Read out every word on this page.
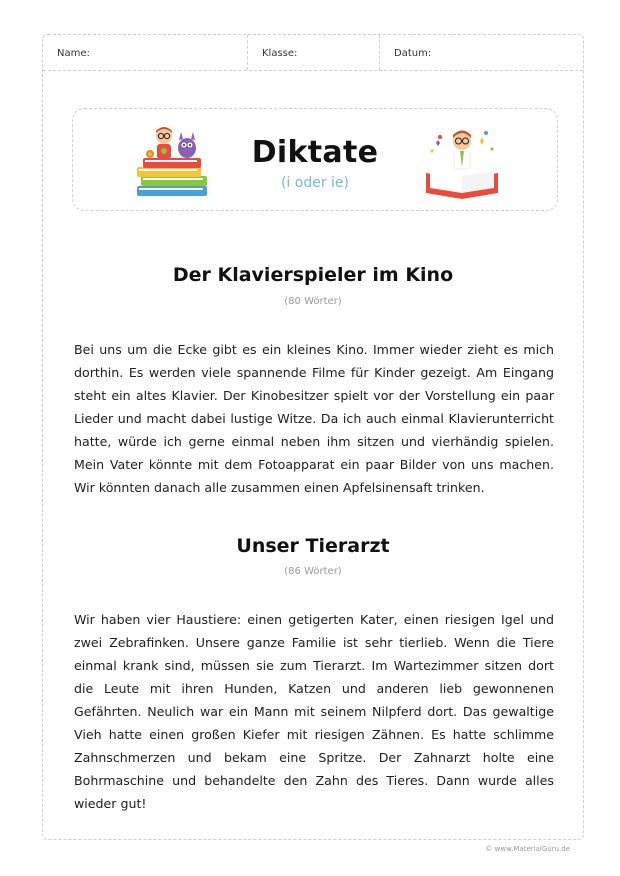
Name:	Klasse:	Datum:
Diktate
(i oder ie)
Der Klavierspieler im Kino
(80 Wörter)
Bei uns um die Ecke gibt es ein kleines Kino. Immer wieder zieht es mich dorthin. Es werden viele spannende Filme für Kinder gezeigt. Am Eingang steht ein altes Klavier. Der Kinobesitzer spielt vor der Vorstellung ein paar Lieder und macht dabei lustige Witze. Da ich auch einmal Klavierunterricht hatte, würde ich gerne einmal neben ihm sitzen und vierhändig spielen. Mein Vater könnte mit dem Fotoapparat ein paar Bilder von uns machen. Wir könnten danach alle zusammen einen Apfelsinensaft trinken.
Unser Tierarzt
(86 Wörter)
Wir haben vier Haustiere: einen getigerten Kater, einen riesigen Igel und zwei Zebrafinken. Unsere ganze Familie ist sehr tierlieb. Wenn die Tiere einmal krank sind, müssen sie zum Tierarzt. Im Wartezimmer sitzen dort die Leute mit ihren Hunden, Katzen und anderen lieb gewonnenen Gefährten. Neulich war ein Mann mit seinem Nilpferd dort. Das gewaltige Vieh hatte einen großen Kiefer mit riesigen Zähnen. Es hatte schlimme Zahnschmerzen und bekam eine Spritze. Der Zahnarzt holte eine Bohrmaschine und behandelte den Zahn des Tieres. Dann wurde alles wieder gut!
© www.MaterialGuru.de
